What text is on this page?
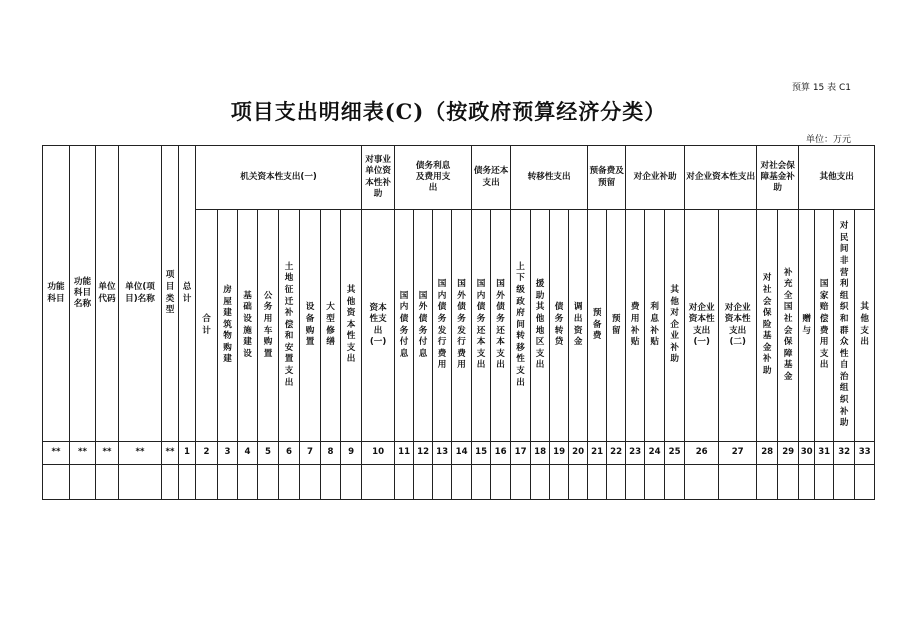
预算 15 表 C1
项目支出明细表(C)（按政府预算经济分类）
单位：万元
功能科目	功能科目名称	单位代码	单位(项目)名称	项目类型	总计	机关资本性支出(一)								对事业单位资本性补助	债务利息及费用支出				债务还本支出		转移性支出				预备费及预留		对企业补助			对企业资本性支出		对社会保障基金补助		其他支出			
						合计	房屋建筑物购建	基础设施建设	公务用车购置	土地征迁补偿和安置支出	设备购置	大型修缮	其他资本性支出	资本性支出(一)	国内债务付息	国外债务付息	国内债务发行费用	国外债务发行费用	国内债务还本支出	国外债务还本支出	上下级政府间转移性支出	援助其他地区支出	债务转贷	调出资金	预备费	预留	费用补贴	利息补贴	其他对企业补助	对企业资本性支出(一)	对企业资本性支出(二)	对社会保险基金补助	补充全国社会保障基金	赠与	国家赔偿费用支出	对民间非营利组织和群众性自治组织补助	其他支出
**	**	**	**	**	1	2	3	4	5	6	7	8	9	10	11	12	13	14	15	16	17	18	19	20	21	22	23	24	25	26	27	28	29	30	31	32	33
